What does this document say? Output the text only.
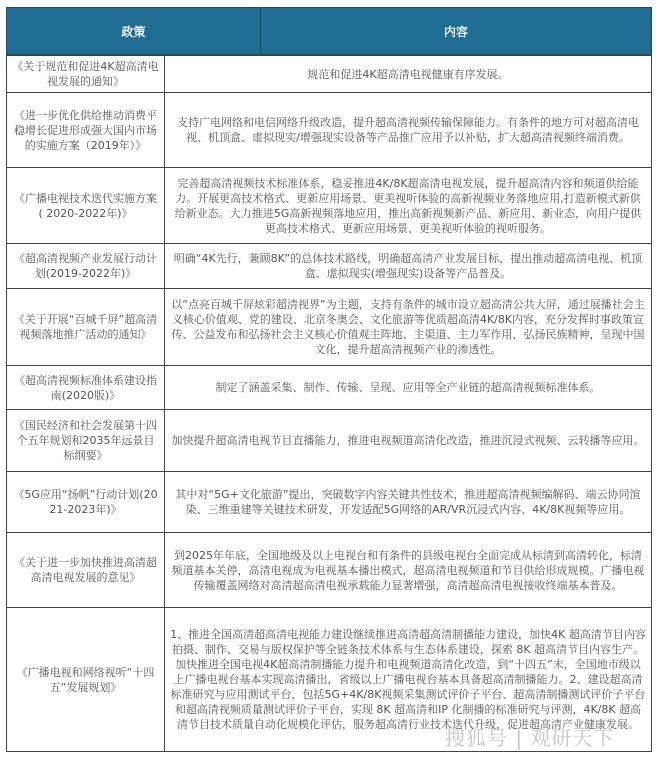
政策	内容
《关于规范和促进4K超高清电视发展的通知》	规范和促进4K超高清电视健康有序发展。
《进一步优化供给推动消费平稳增长促进形成强大国内市场的实施方案（2019年）》	支持广电网络和电信网络升级改造，提升超高清视频传输保障能力。有条件的地方可对超高清电视、机顶盒、虚拟现实/增强现实设备等产品推广应用予以补贴，扩大超高清视频终端消费。
《广播电视技术迭代实施方案( 2020-2022年)》	完善超高清视频技术标准体系，稳妥推进4K/8K超高清电视发展，提升超高清内容和频道供给能力。开展更高技术格式、更新应用场景、更美视听体验的高新视频业务落地应用,打造新模式新供给新业态。大力推进5G高新视频落地应用，推出高新视频新产品、新应用、新业态，向用户提供更高技术格式、更新应用场景、更美视听体验的视听服务。
《超高清视频产业发展行动计划(2019-2022年)》	明确“4K先行，兼顾8K”的总体技术路线，明确超高清产业发展目标，提出推动超高清电视、机顶盒、虚拟现实(增强现实)设备等产品普及。
《关于开展“百城千屏”超高清视频落地推广活动的通知》	以“点亮百城千屏炫彩超清视界”为主题，支持有条件的城市设立超高清公共大屏，通过展播社会主义核心价值观、党的建设、北京冬奥会、文化旅游等优质超高清4K/8K内容，充分发挥时事政策宣传、公益发布和弘扬社会主义核心价值观主阵地、主渠道、主力军作用，弘扬民族精神，呈现中国文化，提升超高清视频产业的渗透性。
《超高清视频标准体系建设指南(2020版)》	制定了涵盖采集、制作、传输、呈现、应用等全产业链的超高清视频标准体系。
《国民经济和社会发展第十四个五年规划和2035年远景目标纲要》	加快提升超高清电视节目直播能力，推进电视频道高清化改造，推进沉浸式视频、云转播等应用。
《5G应用“扬帆”行动计划(2021-2023年)》	其中对“5G+文化旅游”提出，突破数字内容关键共性技术，推进超高清视频编解码、端云协同渲染、三维重建等关键技术研发，开发适配5G网络的AR/VR沉浸式内容、4K/8K视频等应用。
《关于进一步加快推进高清超高清电视发展的意见》	到2025年年底，全国地级及以上电视台和有条件的县级电视台全面完成从标清到高清转化，标清频道基本关停，高清电视成为电视基本播出模式，超高清电视频道和节目供给形成规模。广播电视传输覆盖网络对高清超高清电视承载能力显著增强，高清超高清电视接收终端基本普及。
《广播电视和网络视听“十四五”发展规划》	1、推进全国高清超高清电视能力建设继续推进高清超高清制播能力建设，加快4K 超高清节目内容拍摄、制作、交易与版权保护等全链条技术体系与生态体系建设，探索 8K 超高清节目内容生产。加快推进全国电视4K超高清制播能力提升和电视频道高清化改造，到“十四五”末，全国地市级以上广播电视台基本实现高清播出，省级以上广播电视台基本具备超高清制播能力。2、建设超高清标准研究与应用测试平台，包括5G+4K/8K视频采集测试评价子平台、超高清制播测试评价子平台和超高清视频质量测试评价子平台，实现 8K 超高清和IP 化制播的标准研究与评测，4K/8K 超高清节目技术质量自动化规模化评估，服务超高清行业技术迭代升级，促进超高清产业健康发展。
搜狐号 | 观研天下
